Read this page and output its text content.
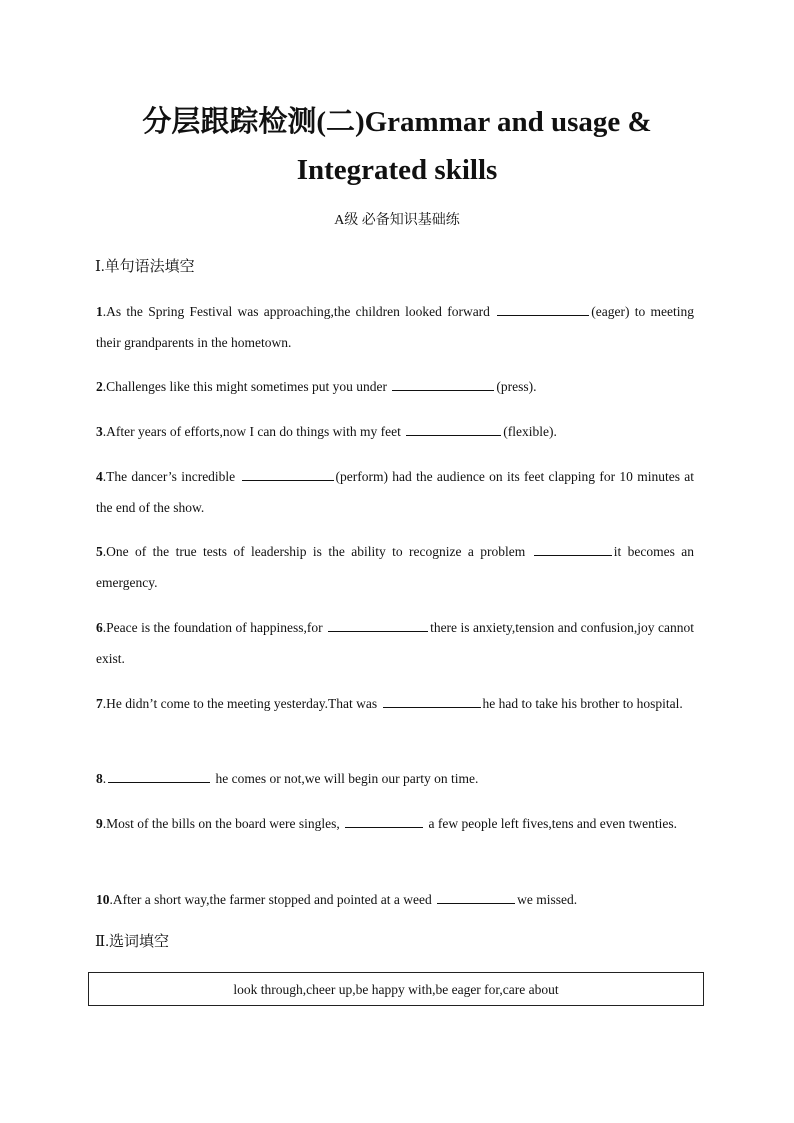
分层跟踪检测(二)Grammar and usage &
Integrated skills
A级 必备知识基础练
Ⅰ.单句语法填空
1.As the Spring Festival was approaching,the children looked forward	(eager) to meeting their grandparents in the hometown.
2.Challenges like this might sometimes put you under	(press).
3.After years of efforts,now I can do things with my feet	(flexible).
4.The dancer’s incredible	(perform) had the audience on its feet clapping for 10 minutes at the end of the show.
5.One of the true tests of leadership is the ability to recognize a problem	it becomes an emergency.
6.Peace is the foundation of happiness,for	there is anxiety,tension and confusion,joy cannot exist.
7.He didn’t come to the meeting yesterday.That was	he had to take his brother to hospital.
8.	he comes or not,we will begin our party on time.
9.Most of the bills on the board were singles,	a few people left fives,tens and even twenties.
10.After a short way,the farmer stopped and pointed at a weed	we missed.
Ⅱ.选词填空
look through,cheer up,be happy with,be eager for,care about
